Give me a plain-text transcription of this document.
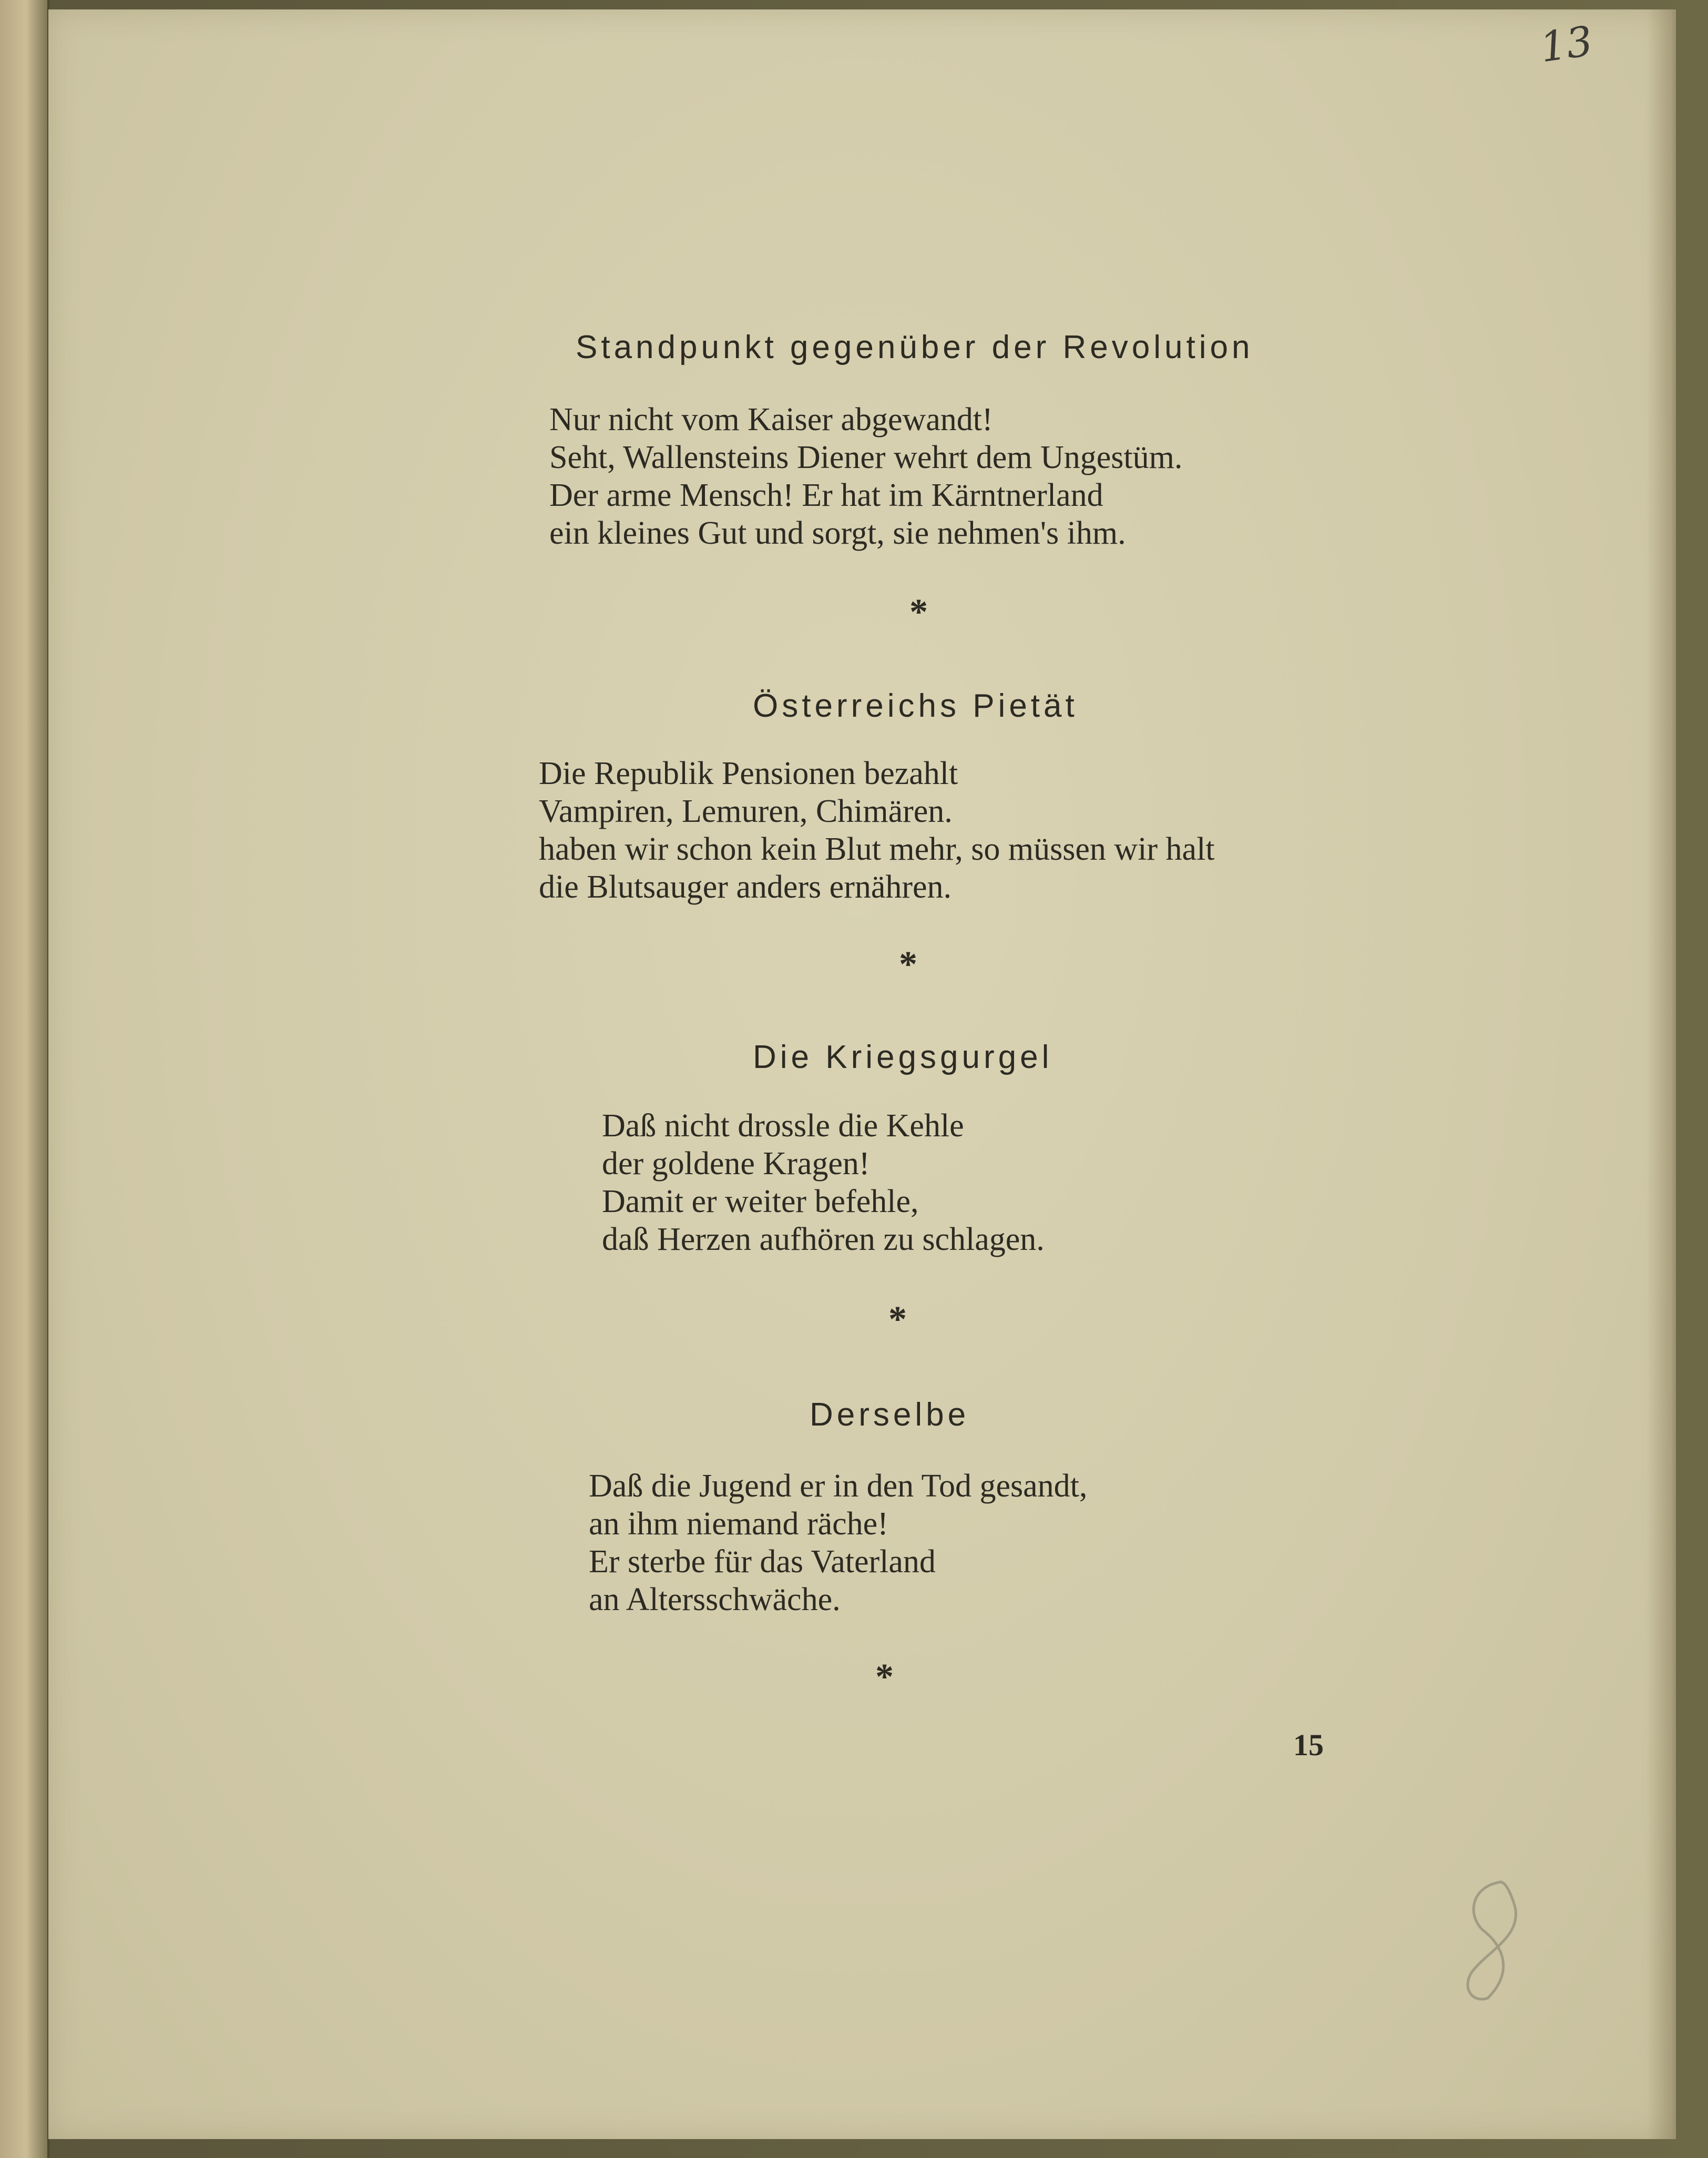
13

Standpunkt gegenüber der Revolution
Nur nicht vom Kaiser abgewandt!
Seht, Wallensteins Diener wehrt dem Ungestüm.
Der arme Mensch! Er hat im Kärntnerland
ein kleines Gut und sorgt, sie nehmen's ihm.

*

Österreichs Pietät
Die Republik Pensionen bezahlt
Vampiren, Lemuren, Chimären.
haben wir schon kein Blut mehr, so müssen wir halt
die Blutsauger anders ernähren.

*

Die Kriegsgurgel
Daß nicht drossle die Kehle
der goldene Kragen!
Damit er weiter befehle,
daß Herzen aufhören zu schlagen.

*

Derselbe
Daß die Jugend er in den Tod gesandt,
an ihm niemand räche!
Er sterbe für das Vaterland
an Altersschwäche.

*

15
